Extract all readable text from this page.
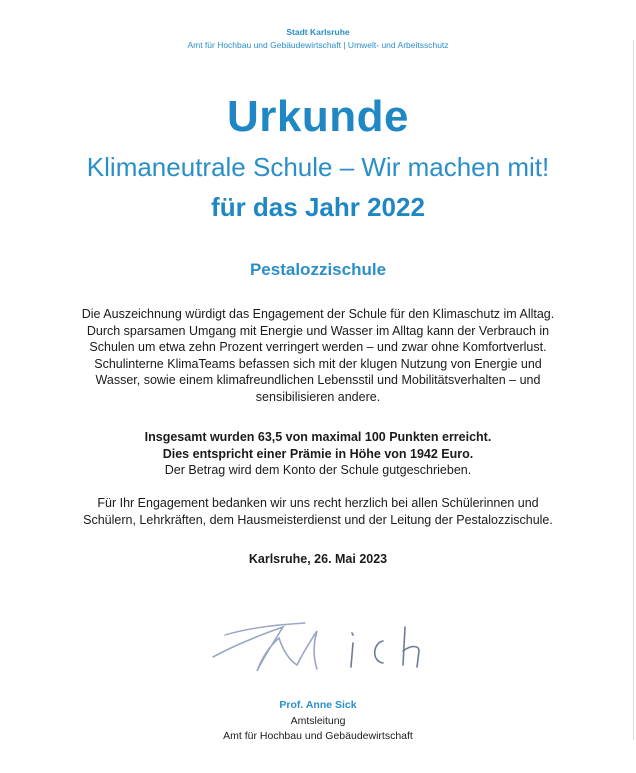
Stadt Karlsruhe
Amt für Hochbau und Gebäudewirtschaft | Umwelt- und Arbeitsschutz
Urkunde
Klimaneutrale Schule – Wir machen mit!
für das Jahr 2022
Pestalozzischule
Die Auszeichnung würdigt das Engagement der Schule für den Klimaschutz im Alltag.
Durch sparsamen Umgang mit Energie und Wasser im Alltag kann der Verbrauch in
Schulen um etwa zehn Prozent verringert werden – und zwar ohne Komfortverlust.
Schulinterne KlimaTeams befassen sich mit der klugen Nutzung von Energie und
Wasser, sowie einem klimafreundlichen Lebensstil und Mobilitätsverhalten – und
sensibilisieren andere.
Insgesamt wurden 63,5 von maximal 100 Punkten erreicht.
Dies entspricht einer Prämie in Höhe von 1942 Euro.
Der Betrag wird dem Konto der Schule gutgeschrieben.
Für Ihr Engagement bedanken wir uns recht herzlich bei allen Schülerinnen und
Schülern, Lehrkräften, dem Hausmeisterdienst und der Leitung der Pestalozzischule.
Karlsruhe, 26. Mai 2023
Prof. Anne Sick
Amtsleitung
Amt für Hochbau und Gebäudewirtschaft
